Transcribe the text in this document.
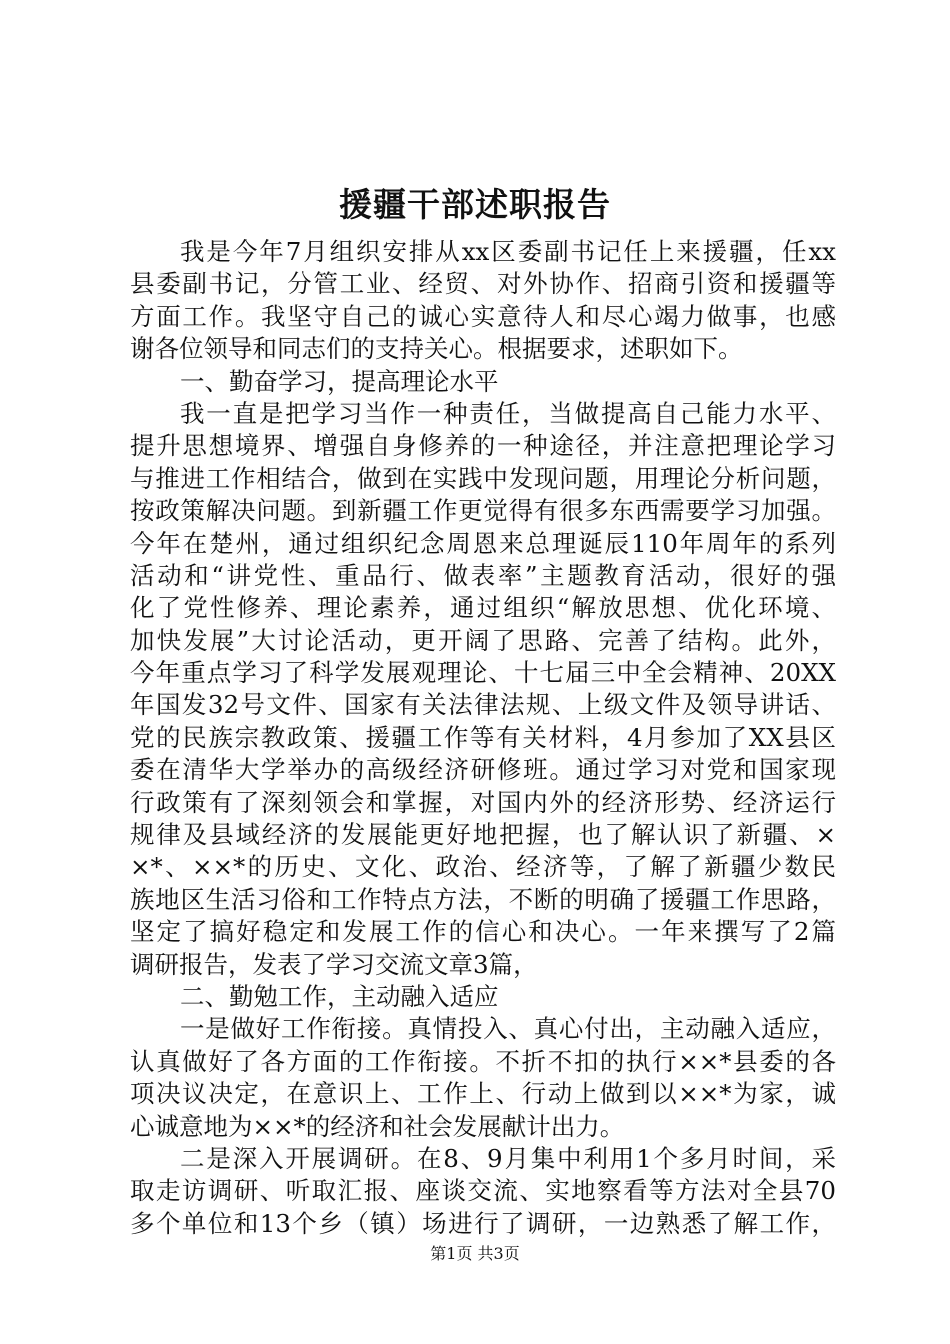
援疆干部述职报告
我是今年7月组织安排从xx区委副书记任上来援疆，任xx
县委副书记，分管工业、经贸、对外协作、招商引资和援疆等
方面工作。我坚守自己的诚心实意待人和尽心竭力做事，也感
谢各位领导和同志们的支持关心。根据要求，述职如下。
一、勤奋学习，提高理论水平
我一直是把学习当作一种责任，当做提高自己能力水平、
提升思想境界、增强自身修养的一种途径，并注意把理论学习
与推进工作相结合，做到在实践中发现问题，用理论分析问题，
按政策解决问题。到新疆工作更觉得有很多东西需要学习加强。
今年在楚州，通过组织纪念周恩来总理诞辰110年周年的系列
活动和“讲党性、重品行、做表率”主题教育活动，很好的强
化了党性修养、理论素养，通过组织“解放思想、优化环境、
加快发展”大讨论活动，更开阔了思路、完善了结构。此外，
今年重点学习了科学发展观理论、十七届三中全会精神、20XX
年国发32号文件、国家有关法律法规、上级文件及领导讲话、
党的民族宗教政策、援疆工作等有关材料，4月参加了XX县区
委在清华大学举办的高级经济研修班。通过学习对党和国家现
行政策有了深刻领会和掌握，对国内外的经济形势、经济运行
规律及县域经济的发展能更好地把握，也了解认识了新疆、×
×*、××*的历史、文化、政治、经济等，了解了新疆少数民
族地区生活习俗和工作特点方法，不断的明确了援疆工作思路，
坚定了搞好稳定和发展工作的信心和决心。一年来撰写了2篇
调研报告，发表了学习交流文章3篇，
二、勤勉工作，主动融入适应
一是做好工作衔接。真情投入、真心付出，主动融入适应，
认真做好了各方面的工作衔接。不折不扣的执行××*县委的各
项决议决定，在意识上、工作上、行动上做到以××*为家，诚
心诚意地为××*的经济和社会发展献计出力。
二是深入开展调研。在8、9月集中利用1个多月时间，采
取走访调研、听取汇报、座谈交流、实地察看等方法对全县70
多个单位和13个乡（镇）场进行了调研，一边熟悉了解工作，
第1页 共3页
